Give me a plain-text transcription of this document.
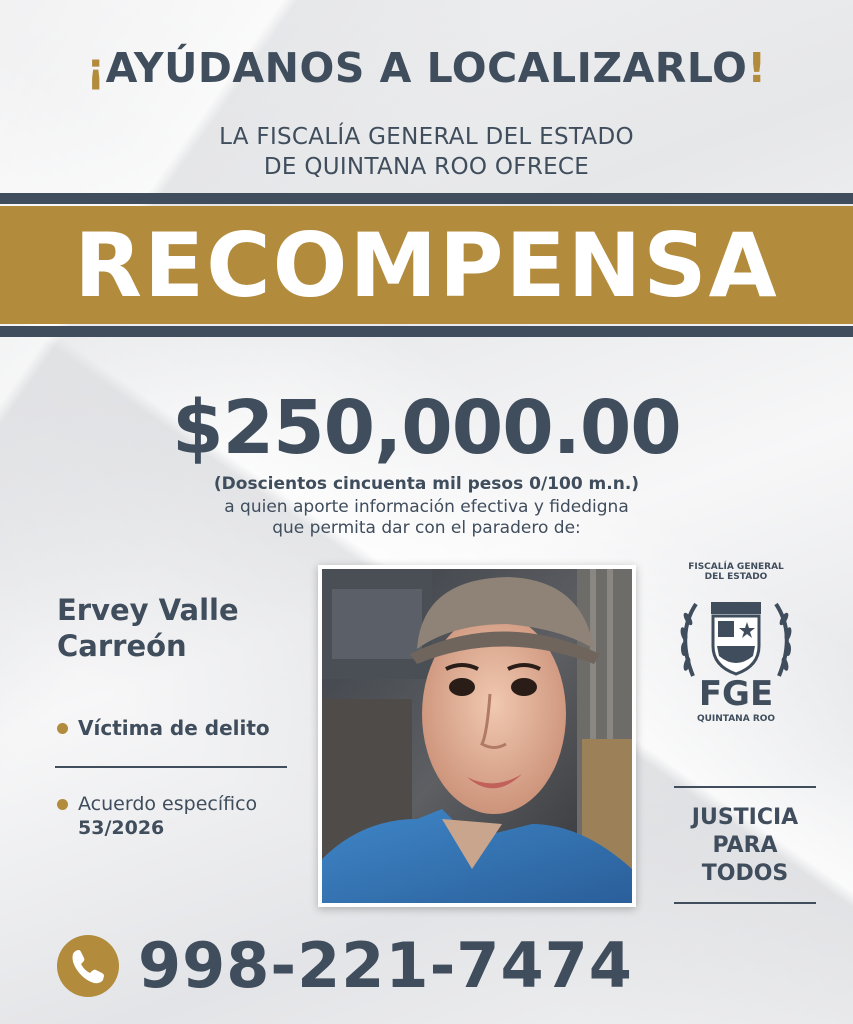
¡AYÚDANOS A LOCALIZARLO!
LA FISCALÍA GENERAL DEL ESTADO
DE QUINTANA ROO OFRECE
RECOMPENSA
$250,000.00
(Doscientos cincuenta mil pesos 0/100 m.n.)
a quien aporte información efectiva y fidedigna
que permita dar con el paradero de:
Ervey Valle
Carreón
Víctima de delito
Acuerdo específico
53/2026
FISCALÍA GENERAL
DEL ESTADO
FGE
QUINTANA ROO
JUSTICIA
PARA
TODOS
998-221-7474
